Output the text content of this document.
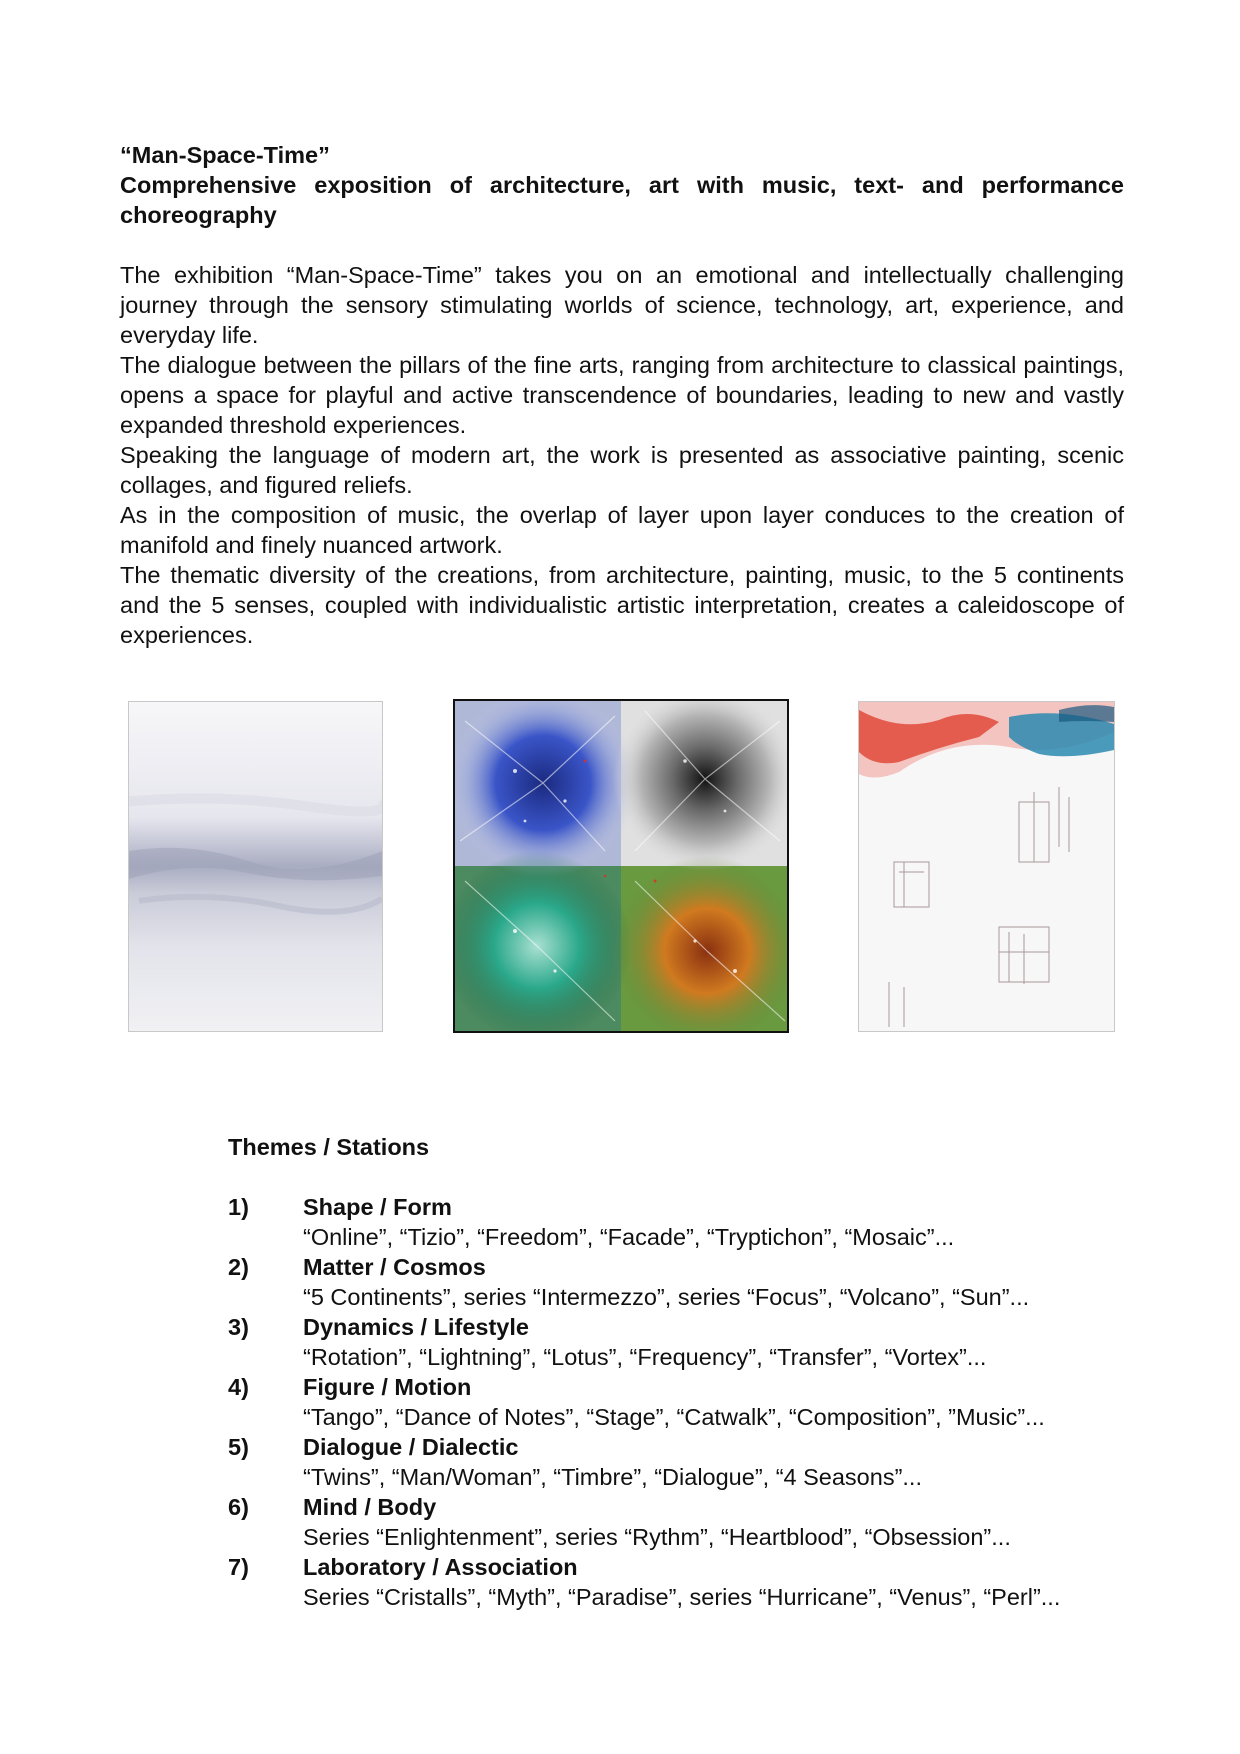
“Man-Space-Time”
Comprehensive exposition of architecture, art with music, text- and performance choreography

The exhibition “Man-Space-Time” takes you on an emotional and intellectually challenging journey through the sensory stimulating worlds of science, technology, art, experience, and everyday life.

The dialogue between the pillars of the fine arts, ranging from architecture to classical paintings, opens a space for playful and active transcendence of boundaries, leading to new and vastly expanded threshold experiences.

Speaking the language of modern art, the work is presented as associative painting, scenic collages, and figured reliefs.

As in the composition of music, the overlap of layer upon layer conduces to the creation of manifold and finely nuanced artwork.

The thematic diversity of the creations, from architecture, painting, music, to the 5 continents and the 5 senses, coupled with individualistic artistic interpretation, creates a caleidoscope of experiences.

Themes / Stations
1)	Shape / Form
“Online”, “Tizio”, “Freedom”, “Facade”, “Tryptichon”, “Mosaic”...
2)	Matter / Cosmos
“5 Continents”, series “Intermezzo”, series “Focus”, “Volcano”, “Sun”...
3)	Dynamics / Lifestyle
“Rotation”, “Lightning”, “Lotus”, “Frequency”, “Transfer”, “Vortex”...
4)	Figure / Motion
“Tango”, “Dance of Notes”, “Stage”, “Catwalk”, “Composition”, ”Music”...
5)	Dialogue / Dialectic
“Twins”, “Man/Woman”, “Timbre”, “Dialogue”, “4 Seasons”...
6)	Mind / Body
Series “Enlightenment”, series “Rythm”, “Heartblood”, “Obsession”...
7)	Laboratory / Association
Series “Cristalls”, “Myth”, “Paradise”, series “Hurricane”, “Venus”, “Perl”...
